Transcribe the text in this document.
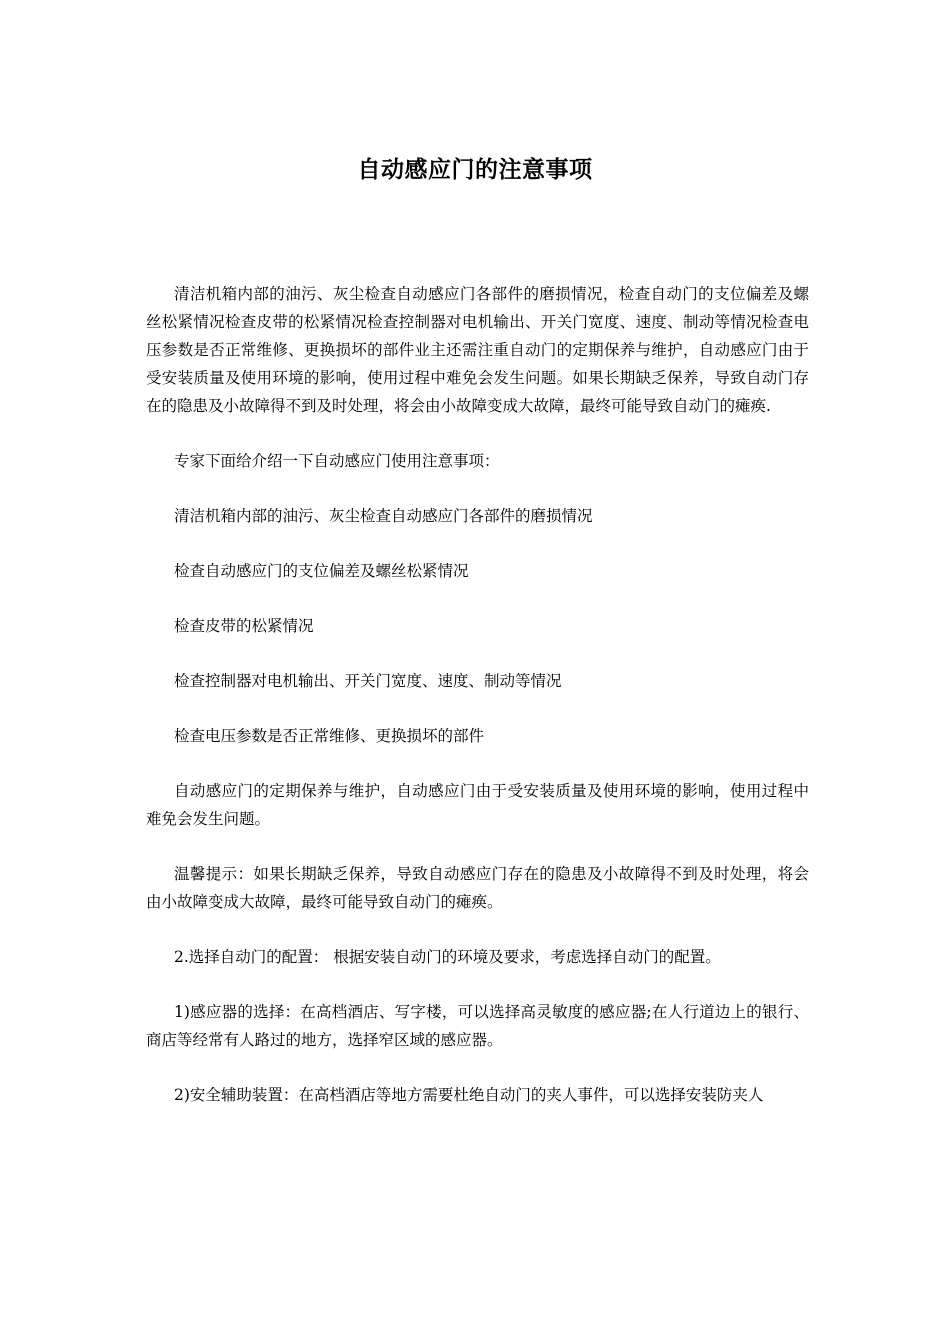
自动感应门的注意事项

清洁机箱内部的油污、灰尘检查自动感应门各部件的磨损情况，检查自动门的支位偏差及螺丝松紧情况检查皮带的松紧情况检查控制器对电机输出、开关门宽度、速度、制动等情况检查电压参数是否正常维修、更换损坏的部件业主还需注重自动门的定期保养与维护，自动感应门由于受安装质量及使用环境的影响，使用过程中难免会发生问题。如果长期缺乏保养，导致自动门存在的隐患及小故障得不到及时处理，将会由小故障变成大故障，最终可能导致自动门的瘫痪.

专家下面给介绍一下自动感应门使用注意事项：

清洁机箱内部的油污、灰尘检查自动感应门各部件的磨损情况

检查自动感应门的支位偏差及螺丝松紧情况

检查皮带的松紧情况

检查控制器对电机输出、开关门宽度、速度、制动等情况

检查电压参数是否正常维修、更换损坏的部件

自动感应门的定期保养与维护，自动感应门由于受安装质量及使用环境的影响，使用过程中难免会发生问题。

温馨提示：如果长期缺乏保养，导致自动感应门存在的隐患及小故障得不到及时处理，将会由小故障变成大故障，最终可能导致自动门的瘫痪。

2.选择自动门的配置： 根据安装自动门的环境及要求，考虑选择自动门的配置。

1)感应器的选择：在高档酒店、写字楼，可以选择高灵敏度的感应器;在人行道边上的银行、商店等经常有人路过的地方，选择窄区域的感应器。

2)安全辅助装置：在高档酒店等地方需要杜绝自动门的夹人事件，可以选择安装防夹人
